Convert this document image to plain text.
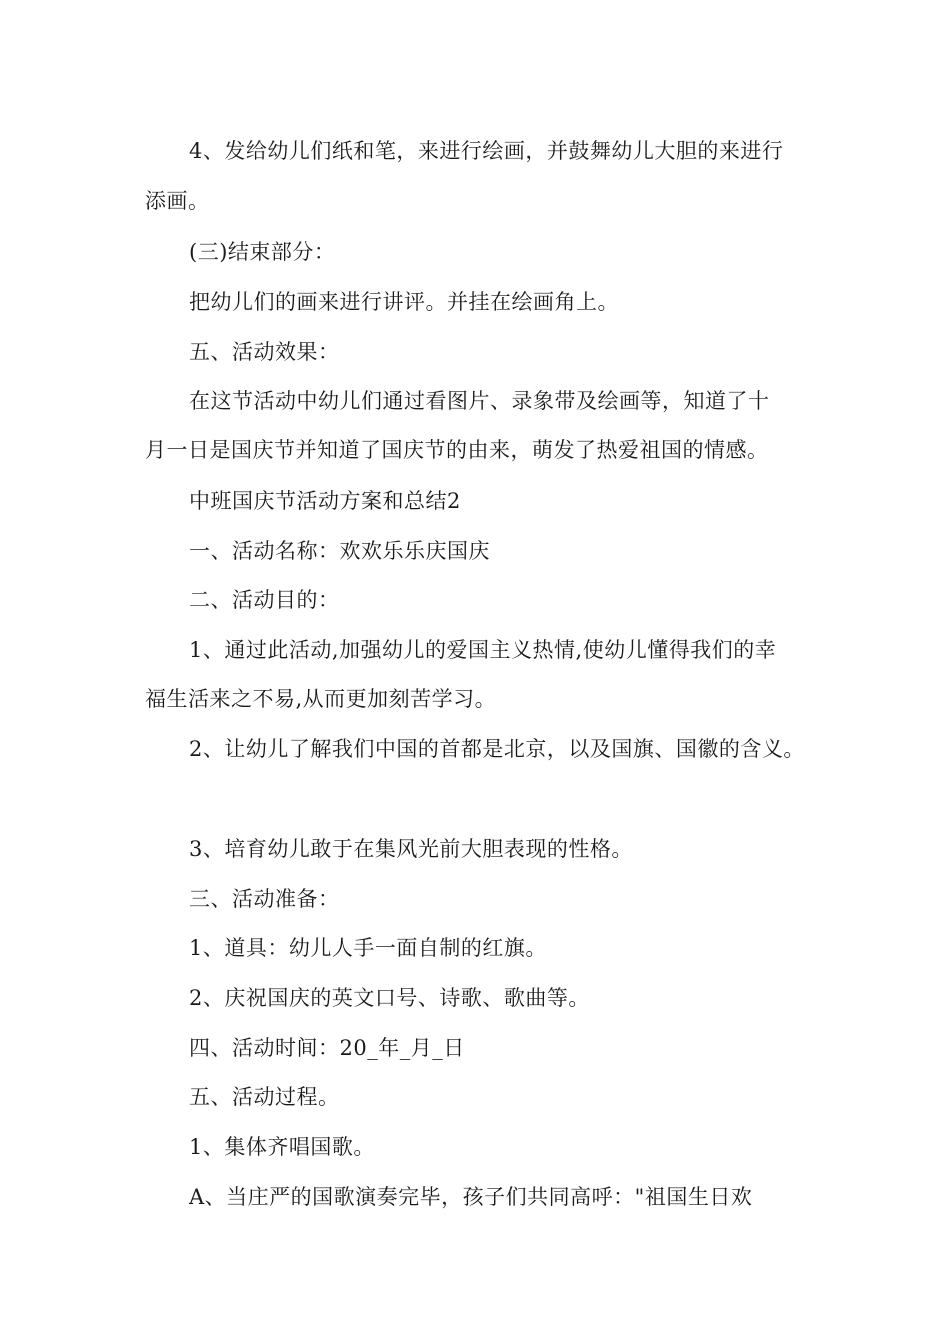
4、发给幼儿们纸和笔，来进行绘画，并鼓舞幼儿大胆的来进行
添画。
(三)结束部分：
把幼儿们的画来进行讲评。并挂在绘画角上。
五、活动效果：
在这节活动中幼儿们通过看图片、录象带及绘画等，知道了十
月一日是国庆节并知道了国庆节的由来，萌发了热爱祖国的情感。
中班国庆节活动方案和总结2
一、活动名称：欢欢乐乐庆国庆
二、活动目的：
1、通过此活动,加强幼儿的爱国主义热情,使幼儿懂得我们的幸
福生活来之不易,从而更加刻苦学习。
2、让幼儿了解我们中国的首都是北京，以及国旗、国徽的含义。
3、培育幼儿敢于在集风光前大胆表现的性格。
三、活动准备：
1、道具：幼儿人手一面自制的红旗。
2、庆祝国庆的英文口号、诗歌、歌曲等。
四、活动时间：20_年_月_日
五、活动过程。
1、集体齐唱国歌。
A、当庄严的国歌演奏完毕，孩子们共同高呼："祖国生日欢
